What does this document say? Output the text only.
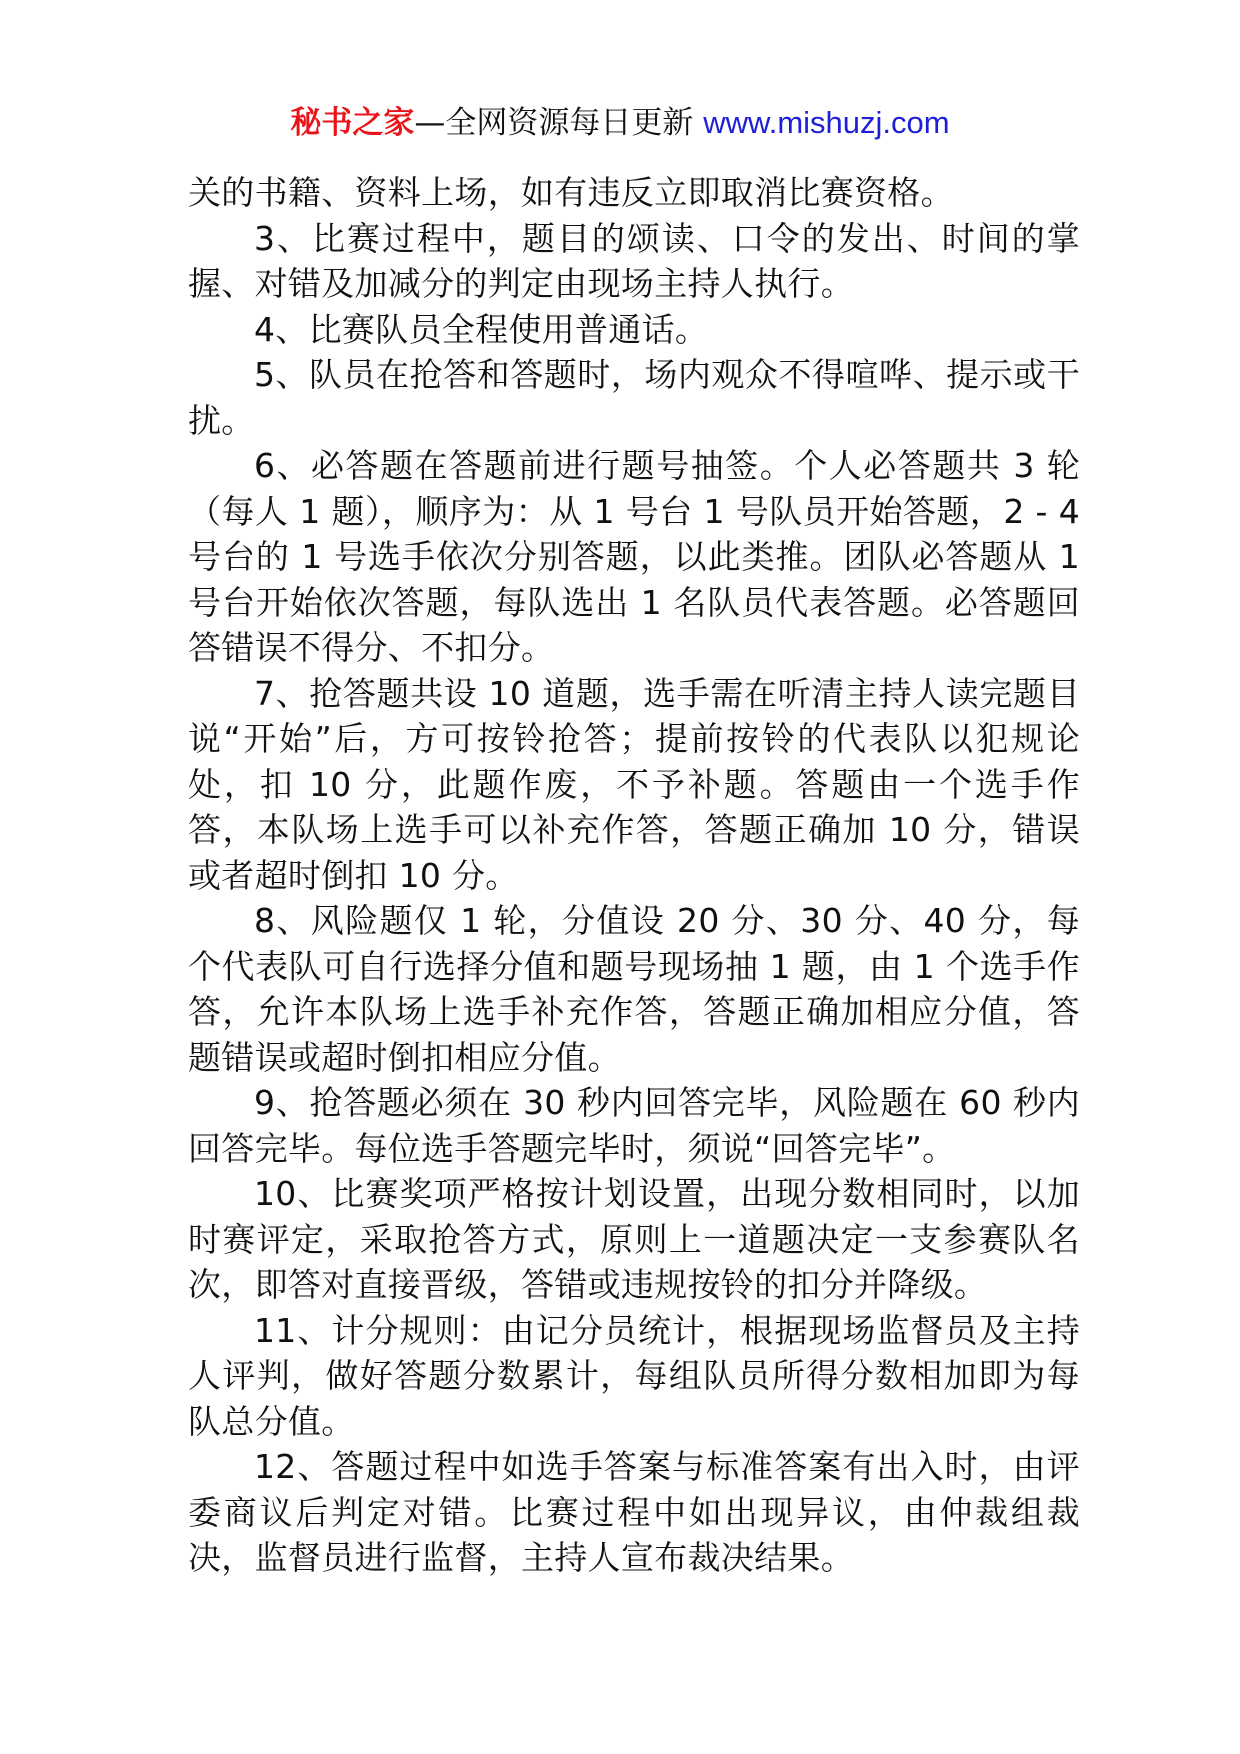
秘书之家—全网资源每日更新 www.mishuzj.com

关的书籍、资料上场，如有违反立即取消比赛资格。

3、比赛过程中，题目的颂读、口令的发出、时间的掌握、对错及加减分的判定由现场主持人执行。

4、比赛队员全程使用普通话。

5、队员在抢答和答题时，场内观众不得喧哗、提示或干扰。

6、必答题在答题前进行题号抽签。个人必答题共 3 轮（每人 1 题），顺序为：从 1 号台 1 号队员开始答题，2 - 4 号台的 1 号选手依次分别答题，以此类推。团队必答题从 1 号台开始依次答题，每队选出 1 名队员代表答题。必答题回答错误不得分、不扣分。

7、抢答题共设 10 道题，选手需在听清主持人读完题目说“开始”后，方可按铃抢答；提前按铃的代表队以犯规论处，扣 10 分，此题作废，不予补题。答题由一个选手作答，本队场上选手可以补充作答，答题正确加 10 分，错误或者超时倒扣 10 分。

8、风险题仅 1 轮，分值设 20 分、30 分、40 分，每个代表队可自行选择分值和题号现场抽 1 题，由 1 个选手作答，允许本队场上选手补充作答，答题正确加相应分值，答题错误或超时倒扣相应分值。

9、抢答题必须在 30 秒内回答完毕，风险题在 60 秒内回答完毕。每位选手答题完毕时，须说“回答完毕”。

10、比赛奖项严格按计划设置，出现分数相同时，以加时赛评定，采取抢答方式，原则上一道题决定一支参赛队名次，即答对直接晋级，答错或违规按铃的扣分并降级。

11、计分规则：由记分员统计，根据现场监督员及主持人评判，做好答题分数累计，每组队员所得分数相加即为每队总分值。

12、答题过程中如选手答案与标准答案有出入时，由评委商议后判定对错。比赛过程中如出现异议，由仲裁组裁决，监督员进行监督，主持人宣布裁决结果。
